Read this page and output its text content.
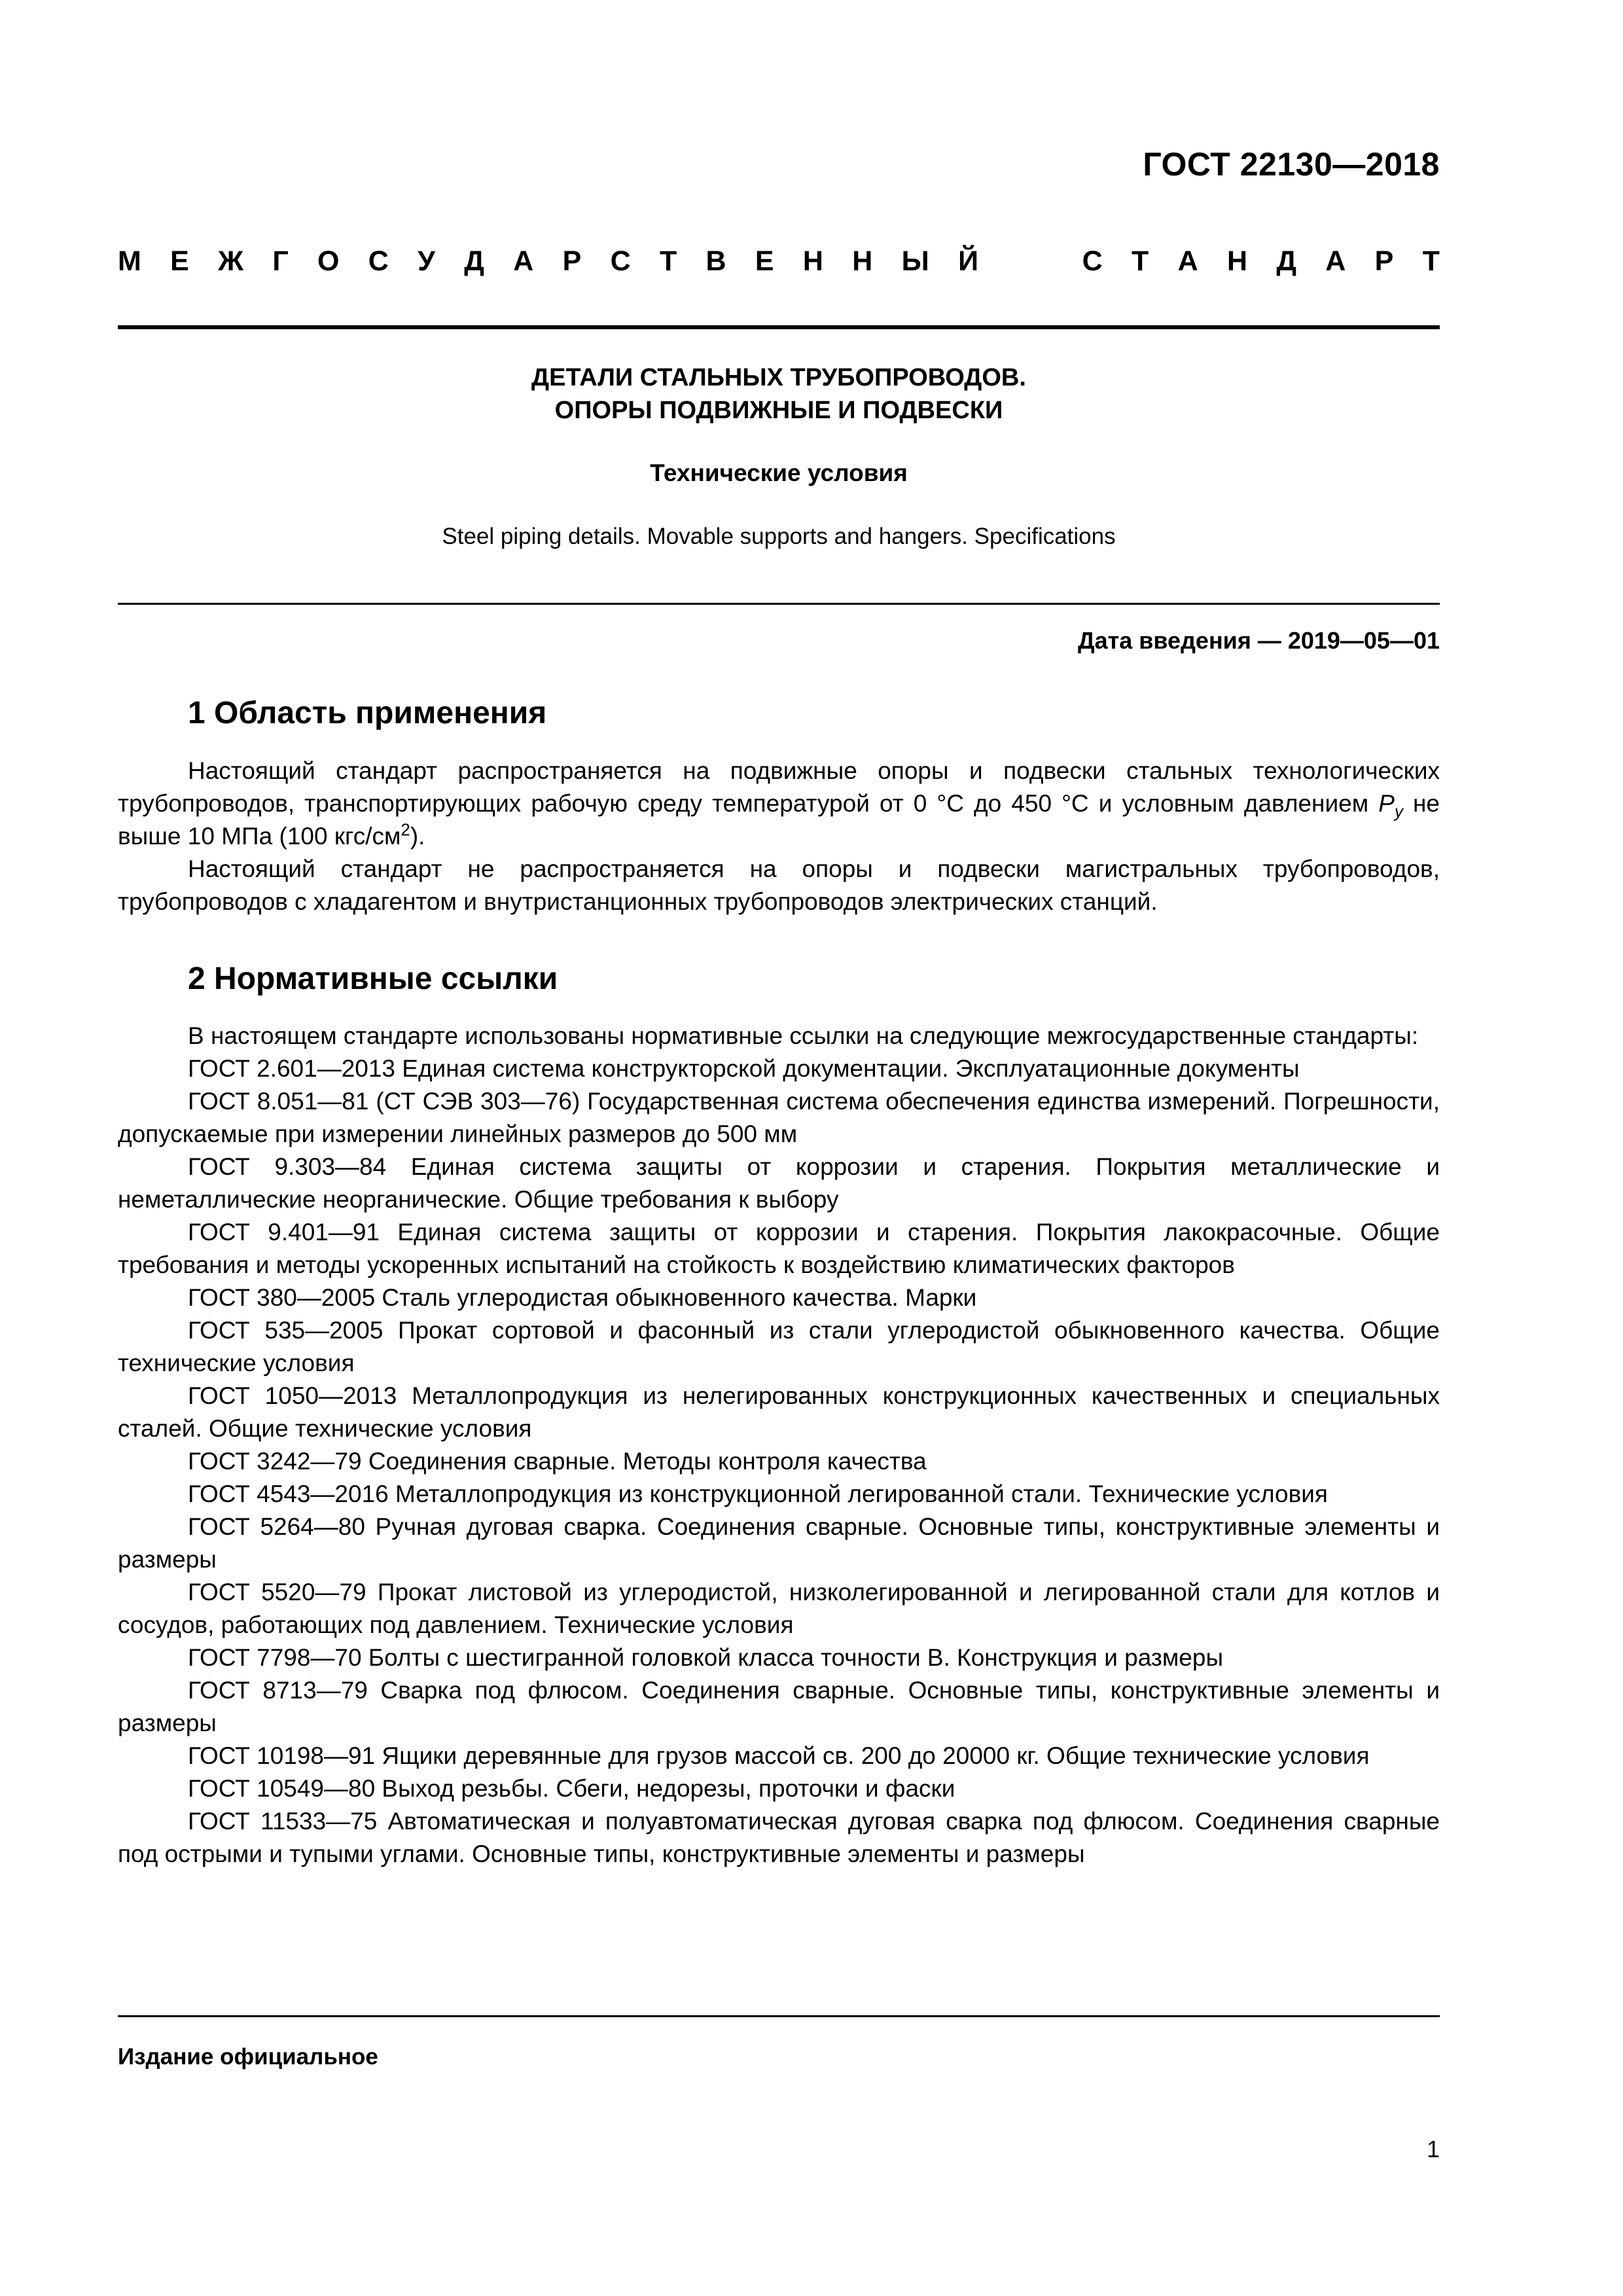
ГОСТ 22130—2018
М Е Ж Г О С У Д А Р С Т В Е Н Н Ы Й	С Т А Н Д А Р Т
ДЕТАЛИ СТАЛЬНЫХ ТРУБОПРОВОДОВ.
ОПОРЫ ПОДВИЖНЫЕ И ПОДВЕСКИ
Технические условия
Steel piping details. Movable supports and hangers. Specifications
Дата введения — 2019—05—01
1 Область применения

Настоящий стандарт распространяется на подвижные опоры и подвески стальных технологических трубопроводов, транспортирующих рабочую среду температурой от 0 °С до 450 °С и условным давлением $P_y$ не выше 10 МПа (100 кгс/$см^2$).

Настоящий стандарт не распространяется на опоры и подвески магистральных трубопроводов, трубопроводов с хладагентом и внутристанционных трубопроводов электрических станций.

2 Нормативные ссылки

В настоящем стандарте использованы нормативные ссылки на следующие межгосударственные стандарты:

ГОСТ 2.601—2013 Единая система конструкторской документации. Эксплуатационные документы

ГОСТ 8.051—81 (СТ СЭВ 303—76) Государственная система обеспечения единства измерений. Погрешности, допускаемые при измерении линейных размеров до 500 мм

ГОСТ 9.303—84 Единая система защиты от коррозии и старения. Покрытия металлические и неметаллические неорганические. Общие требования к выбору

ГОСТ 9.401—91 Единая система защиты от коррозии и старения. Покрытия лакокрасочные. Общие требования и методы ускоренных испытаний на стойкость к воздействию климатических факторов

ГОСТ 380—2005 Сталь углеродистая обыкновенного качества. Марки

ГОСТ 535—2005 Прокат сортовой и фасонный из стали углеродистой обыкновенного качества. Общие технические условия

ГОСТ 1050—2013 Металлопродукция из нелегированных конструкционных качественных и специальных сталей. Общие технические условия

ГОСТ 3242—79 Соединения сварные. Методы контроля качества

ГОСТ 4543—2016 Металлопродукция из конструкционной легированной стали. Технические условия

ГОСТ 5264—80 Ручная дуговая сварка. Соединения сварные. Основные типы, конструктивные элементы и размеры

ГОСТ 5520—79 Прокат листовой из углеродистой, низколегированной и легированной стали для котлов и сосудов, работающих под давлением. Технические условия

ГОСТ 7798—70 Болты с шестигранной головкой класса точности В. Конструкция и размеры

ГОСТ 8713—79 Сварка под флюсом. Соединения сварные. Основные типы, конструктивные элементы и размеры

ГОСТ 10198—91 Ящики деревянные для грузов массой св. 200 до 20000 кг. Общие технические условия

ГОСТ 10549—80 Выход резьбы. Сбеги, недорезы, проточки и фаски

ГОСТ 11533—75 Автоматическая и полуавтоматическая дуговая сварка под флюсом. Соединения сварные под острыми и тупыми углами. Основные типы, конструктивные элементы и размеры

Издание официальное
1
